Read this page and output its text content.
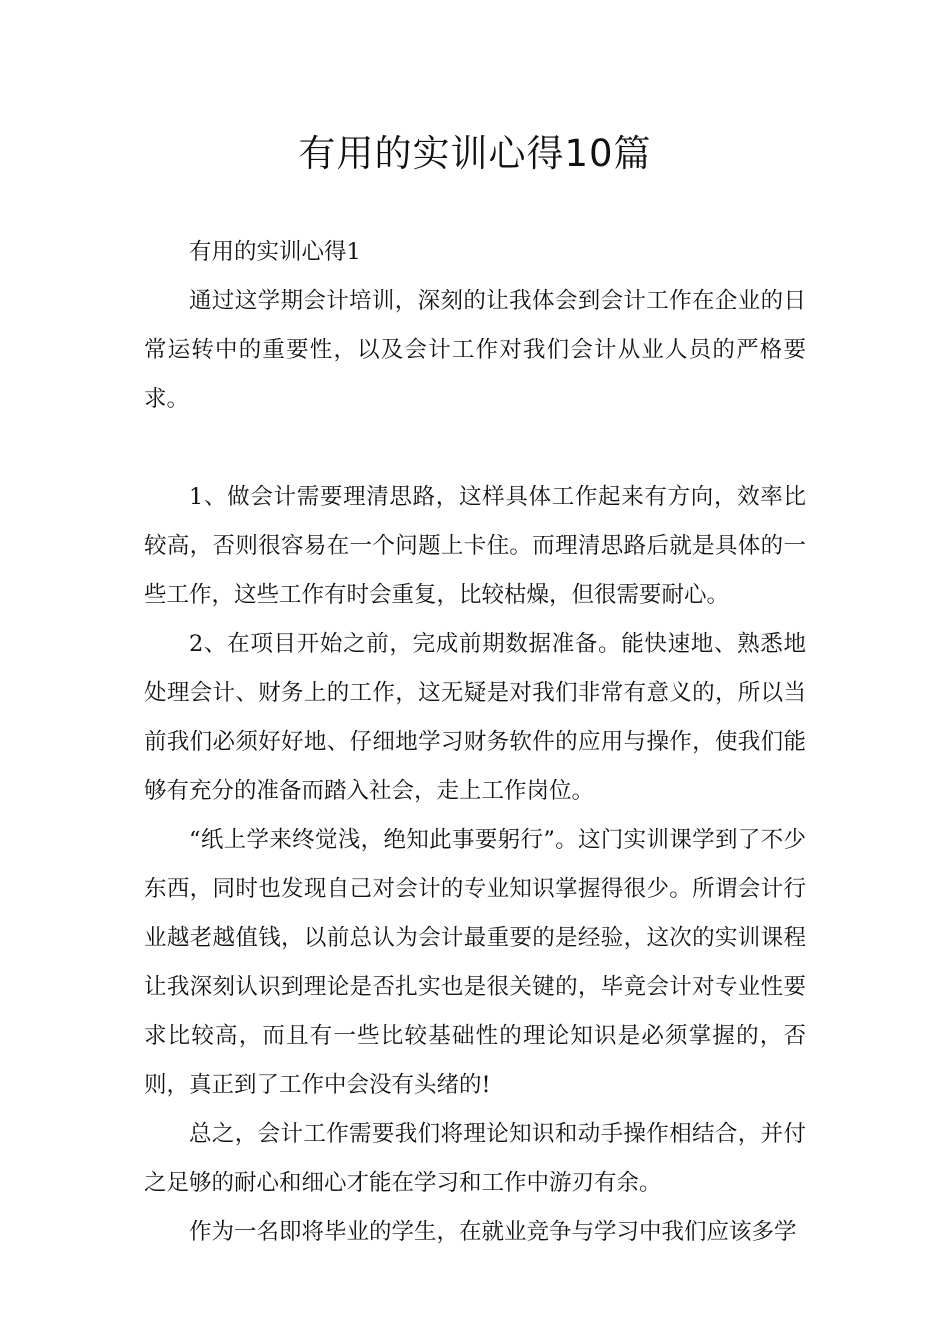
有用的实训心得10篇

有用的实训心得1

通过这学期会计培训，深刻的让我体会到会计工作在企业的日常运转中的重要性，以及会计工作对我们会计从业人员的严格要求。

1、做会计需要理清思路，这样具体工作起来有方向，效率比较高，否则很容易在一个问题上卡住。而理清思路后就是具体的一些工作，这些工作有时会重复，比较枯燥，但很需要耐心。

2、在项目开始之前，完成前期数据准备。能快速地、熟悉地处理会计、财务上的工作，这无疑是对我们非常有意义的，所以当前我们必须好好地、仔细地学习财务软件的应用与操作，使我们能够有充分的准备而踏入社会，走上工作岗位。

“纸上学来终觉浅，绝知此事要躬行”。这门实训课学到了不少东西，同时也发现自己对会计的专业知识掌握得很少。所谓会计行业越老越值钱，以前总认为会计最重要的是经验，这次的实训课程让我深刻认识到理论是否扎实也是很关键的，毕竟会计对专业性要求比较高，而且有一些比较基础性的理论知识是必须掌握的，否则，真正到了工作中会没有头绪的!

总之，会计工作需要我们将理论知识和动手操作相结合，并付之足够的耐心和细心才能在学习和工作中游刃有余。

作为一名即将毕业的学生，在就业竞争与学习中我们应该多学
